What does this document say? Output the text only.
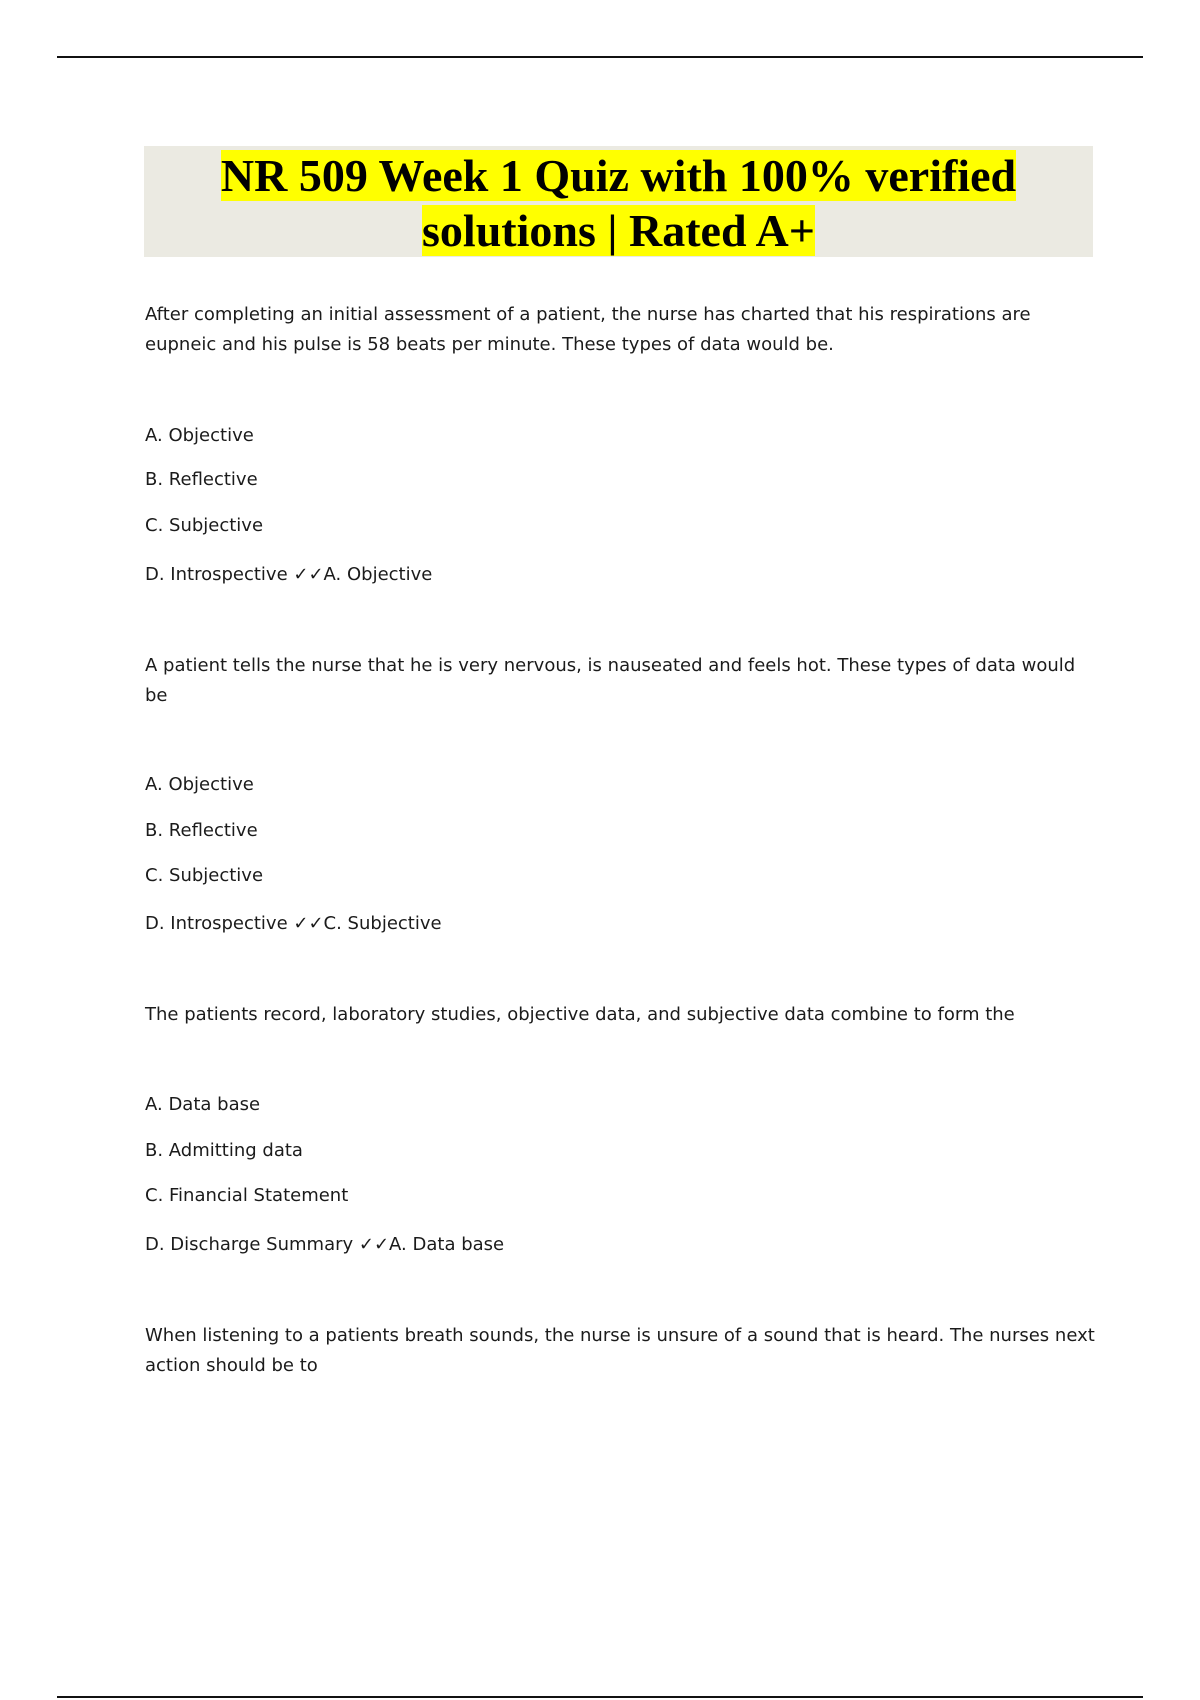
NR 509 Week 1 Quiz with 100% verified
solutions | Rated A+

After completing an initial assessment of a patient, the nurse has charted that his respirations are eupneic and his pulse is 58 beats per minute. These types of data would be.

A. Objective

B. Reflective

C. Subjective

D. Introspective ✓✓A. Objective

A patient tells the nurse that he is very nervous, is nauseated and feels hot. These types of data would be

A. Objective

B. Reflective

C. Subjective

D. Introspective ✓✓C. Subjective

The patients record, laboratory studies, objective data, and subjective data combine to form the

A. Data base

B. Admitting data

C. Financial Statement

D. Discharge Summary ✓✓A. Data base

When listening to a patients breath sounds, the nurse is unsure of a sound that is heard. The nurses next action should be to
